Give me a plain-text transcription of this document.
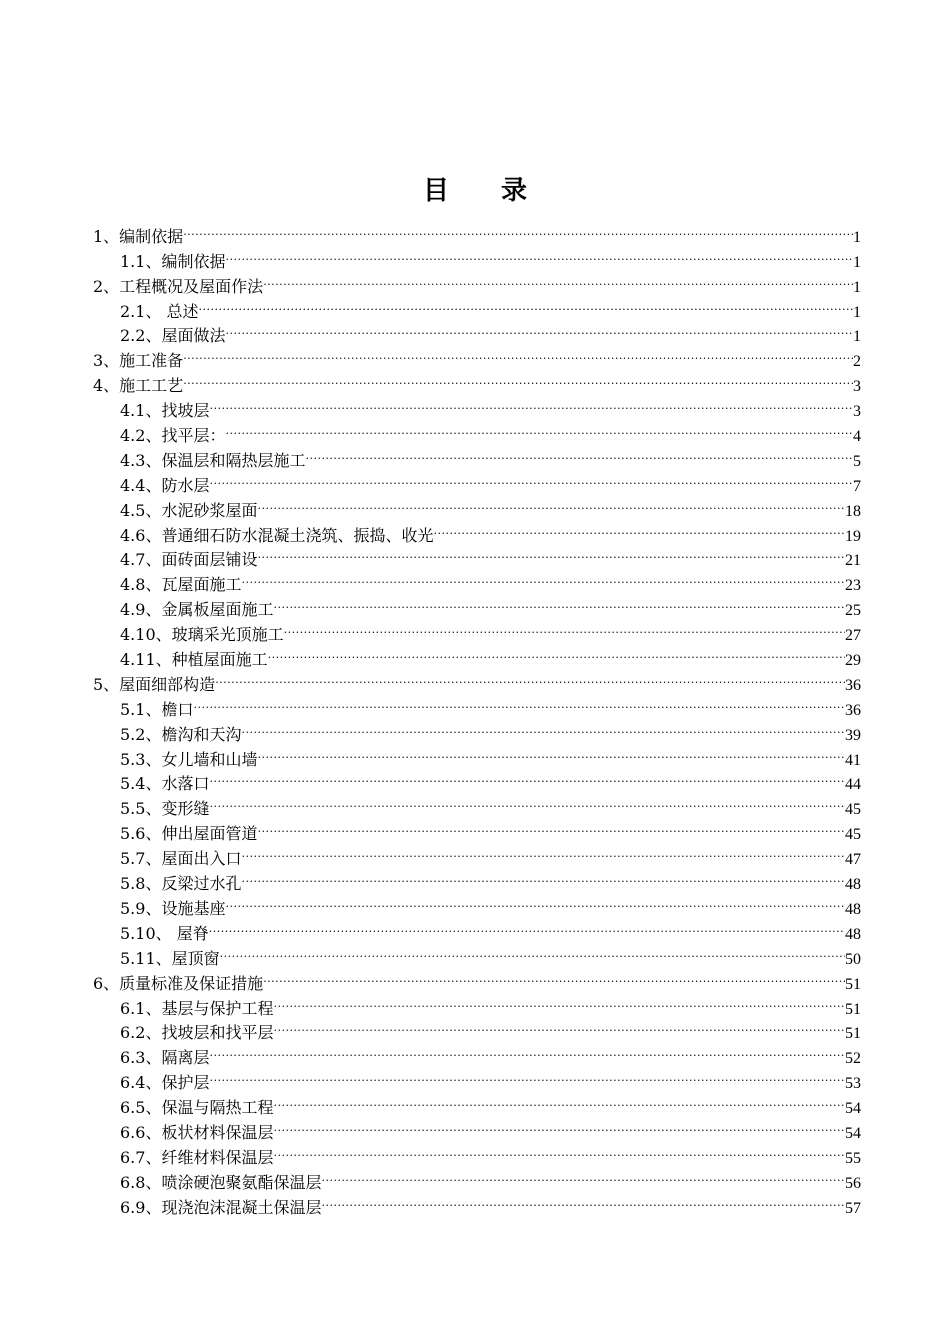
目 录
1、编制依据 .....	1
1.1、编制依据 .....	1
2、工程概况及屋面作法 .....	1
2.1、 总述 .....	1
2.2、屋面做法 .....	1
3、施工准备 .....	2
4、施工工艺 .....	3
4.1、找坡层 .....	3
4.2、找平层： .....	4
4.3、保温层和隔热层施工 .....	5
4.4、防水层 .....	7
4.5、水泥砂浆屋面 .....	18
4.6、普通细石防水混凝土浇筑、振捣、收光 .....	19
4.7、面砖面层铺设 .....	21
4.8、瓦屋面施工 .....	23
4.9、金属板屋面施工 .....	25
4.10、玻璃采光顶施工 .....	27
4.11、种植屋面施工 .....	29
5、屋面细部构造 .....	36
5.1、檐口 .....	36
5.2、檐沟和天沟 .....	39
5.3、女儿墙和山墙 .....	41
5.4、水落口 .....	44
5.5、变形缝 .....	45
5.6、伸出屋面管道 .....	45
5.7、屋面出入口 .....	47
5.8、反梁过水孔 .....	48
5.9、设施基座 .....	48
5.10、 屋脊 .....	48
5.11、屋顶窗 .....	50
6、质量标准及保证措施 .....	51
6.1、基层与保护工程 .....	51
6.2、找坡层和找平层 .....	51
6.3、隔离层 .....	52
6.4、保护层 .....	53
6.5、保温与隔热工程 .....	54
6.6、板状材料保温层 .....	54
6.7、纤维材料保温层 .....	55
6.8、喷涂硬泡聚氨酯保温层 .....	56
6.9、现浇泡沫混凝土保温层 .....	57
